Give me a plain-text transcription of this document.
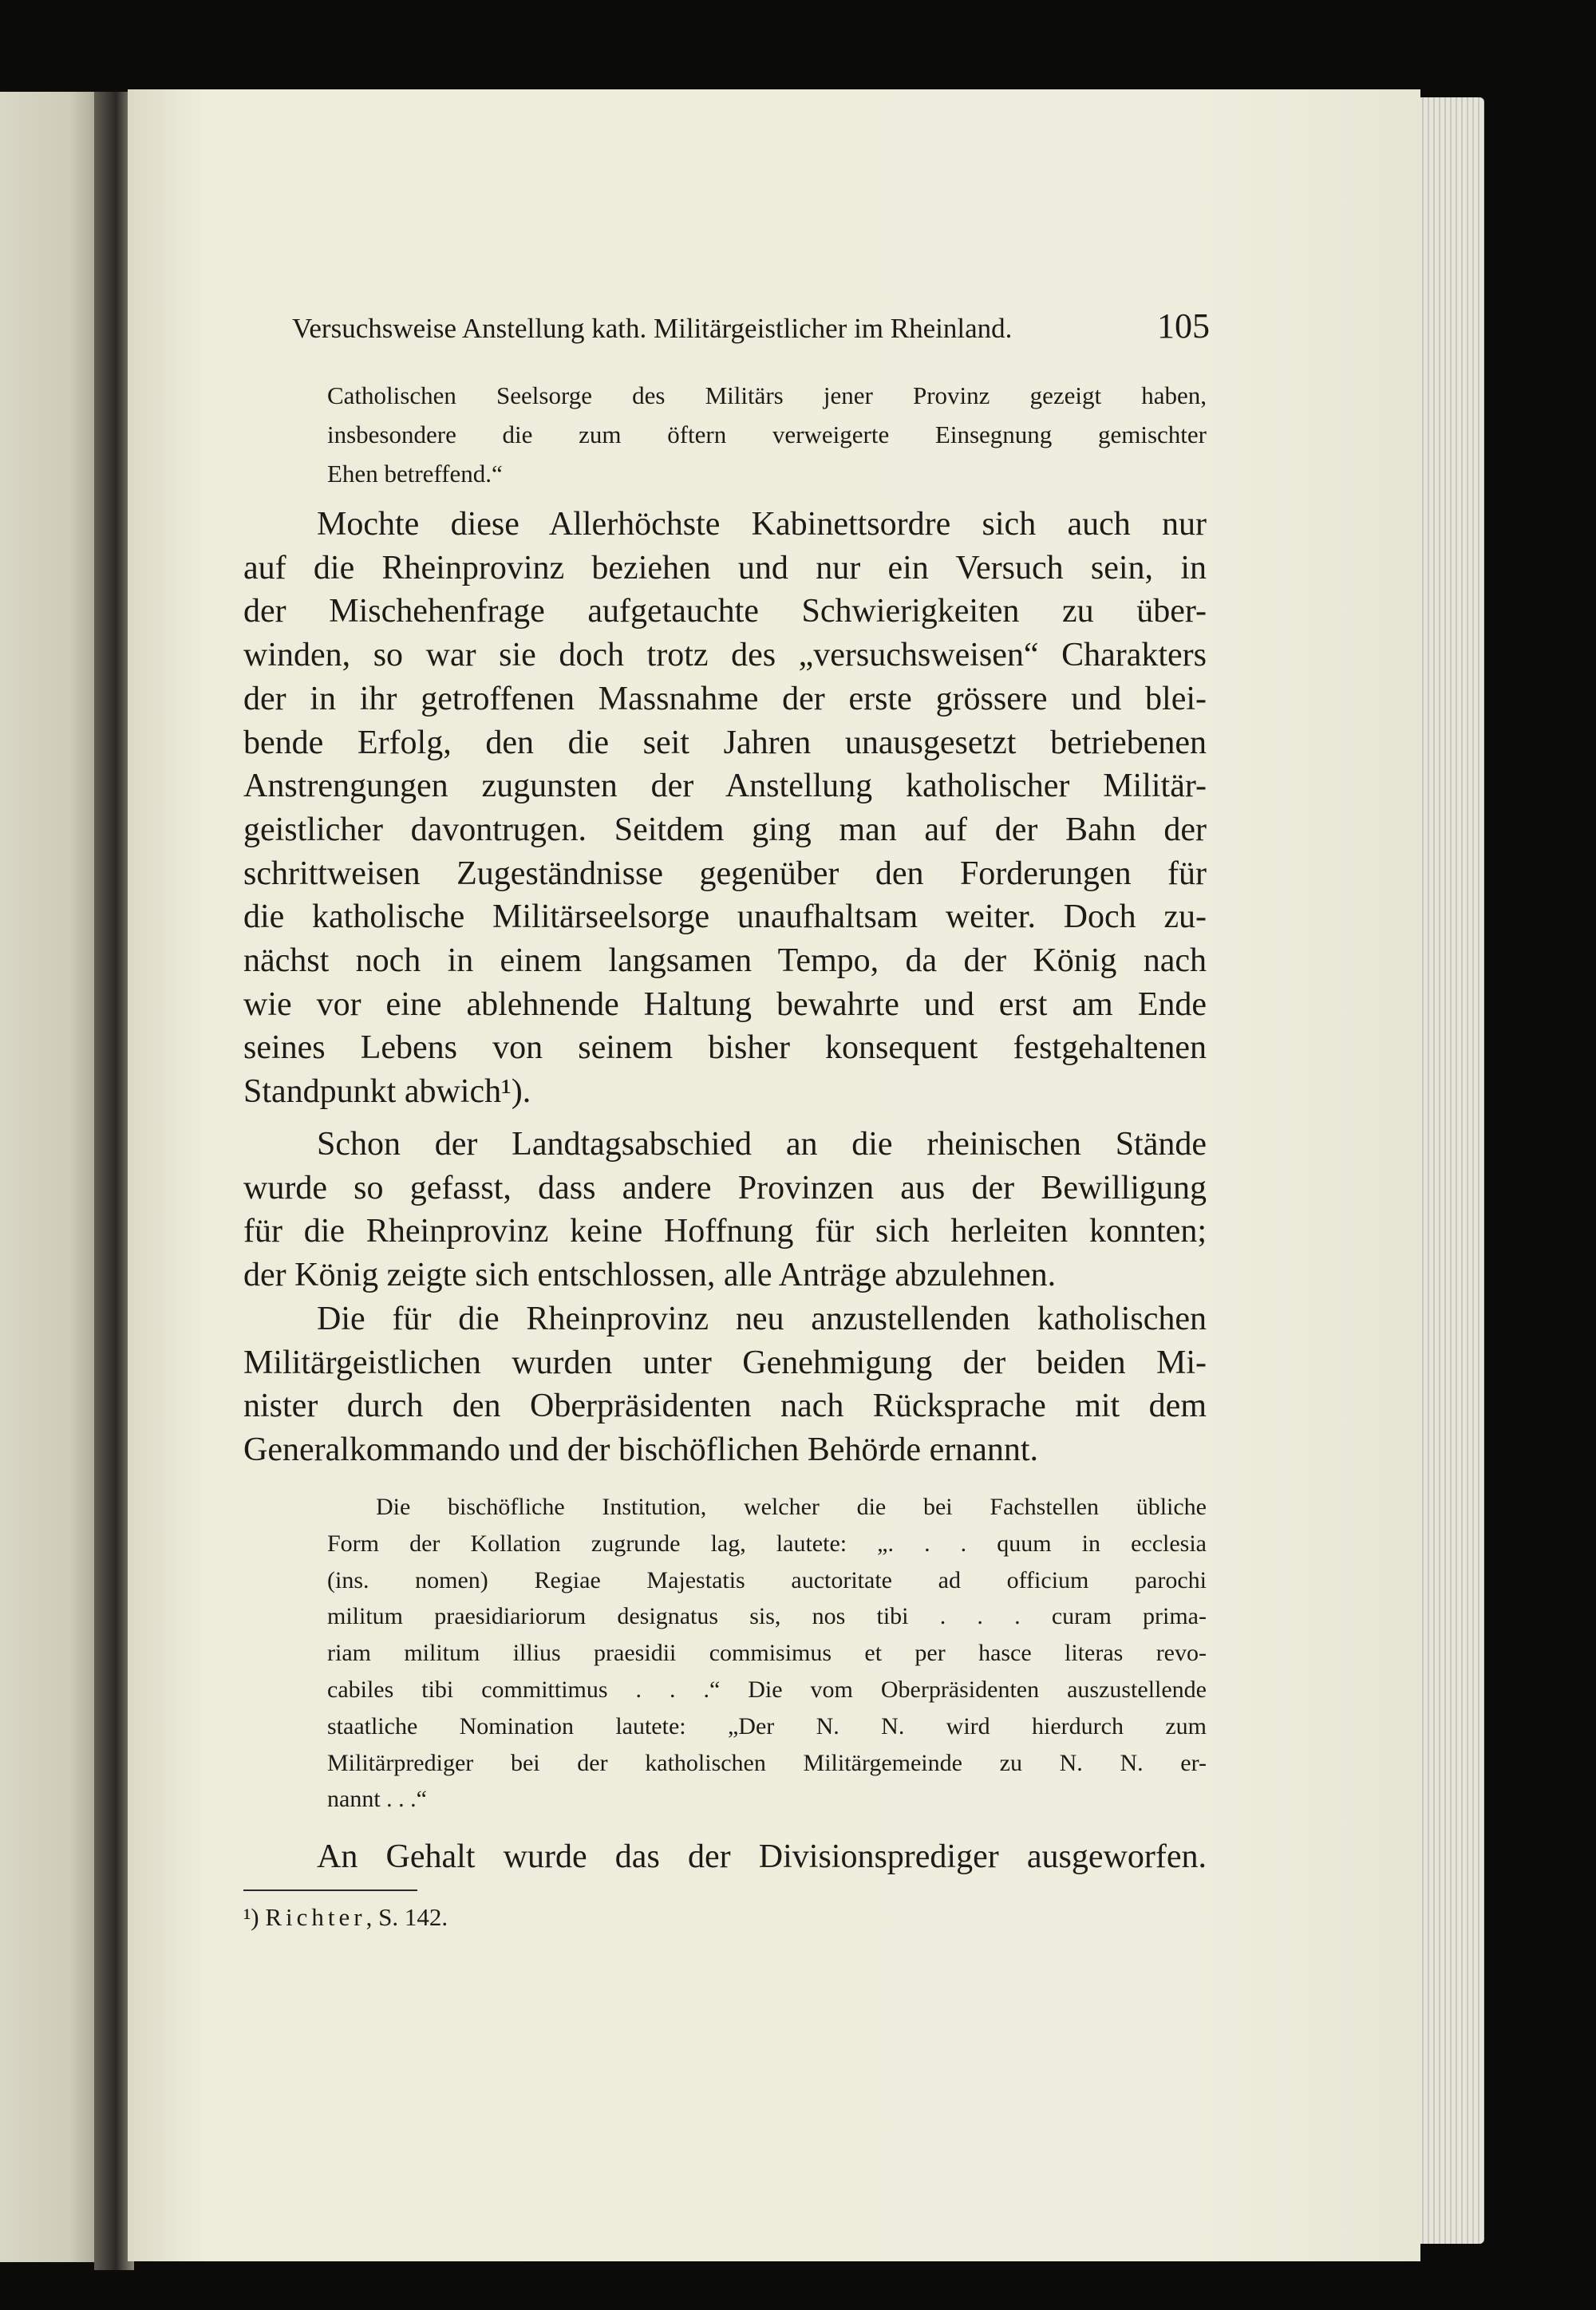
Versuchsweise Anstellung kath. Militärgeistlicher im Rheinland.	105
Catholischen Seelsorge des Militärs jener Provinz gezeigt haben,
insbesondere die zum öftern verweigerte Einsegnung gemischter
Ehen betreffend.“
Mochte diese Allerhöchste Kabinettsordre sich auch nur
auf die Rheinprovinz beziehen und nur ein Versuch sein, in
der Mischehenfrage aufgetauchte Schwierigkeiten zu über-
winden, so war sie doch trotz des „versuchsweisen“ Charakters
der in ihr getroffenen Massnahme der erste grössere und blei-
bende Erfolg, den die seit Jahren unausgesetzt betriebenen
Anstrengungen zugunsten der Anstellung katholischer Militär-
geistlicher davontrugen. Seitdem ging man auf der Bahn der
schrittweisen Zugeständnisse gegenüber den Forderungen für
die katholische Militärseelsorge unaufhaltsam weiter. Doch zu-
nächst noch in einem langsamen Tempo, da der König nach
wie vor eine ablehnende Haltung bewahrte und erst am Ende
seines Lebens von seinem bisher konsequent festgehaltenen
Standpunkt abwich¹).
Schon der Landtagsabschied an die rheinischen Stände
wurde so gefasst, dass andere Provinzen aus der Bewilligung
für die Rheinprovinz keine Hoffnung für sich herleiten konnten;
der König zeigte sich entschlossen, alle Anträge abzulehnen.
Die für die Rheinprovinz neu anzustellenden katholischen
Militärgeistlichen wurden unter Genehmigung der beiden Mi-
nister durch den Oberpräsidenten nach Rücksprache mit dem
Generalkommando und der bischöflichen Behörde ernannt.
An Gehalt wurde das der Divisionsprediger ausgeworfen.
Die bischöfliche Institution, welcher die bei Fachstellen übliche
Form der Kollation zugrunde lag, lautete: „. . . quum in ecclesia
(ins. nomen) Regiae Majestatis auctoritate ad officium parochi
militum praesidiariorum designatus sis, nos tibi . . . curam prima-
riam militum illius praesidii commisimus et per hasce literas revo-
cabiles tibi committimus . . .“ Die vom Oberpräsidenten auszustellende
staatliche Nomination lautete: „Der N. N. wird hierdurch zum
Militärprediger bei der katholischen Militärgemeinde zu N. N. er-
nannt . . .“
¹) Richter, S. 142.
